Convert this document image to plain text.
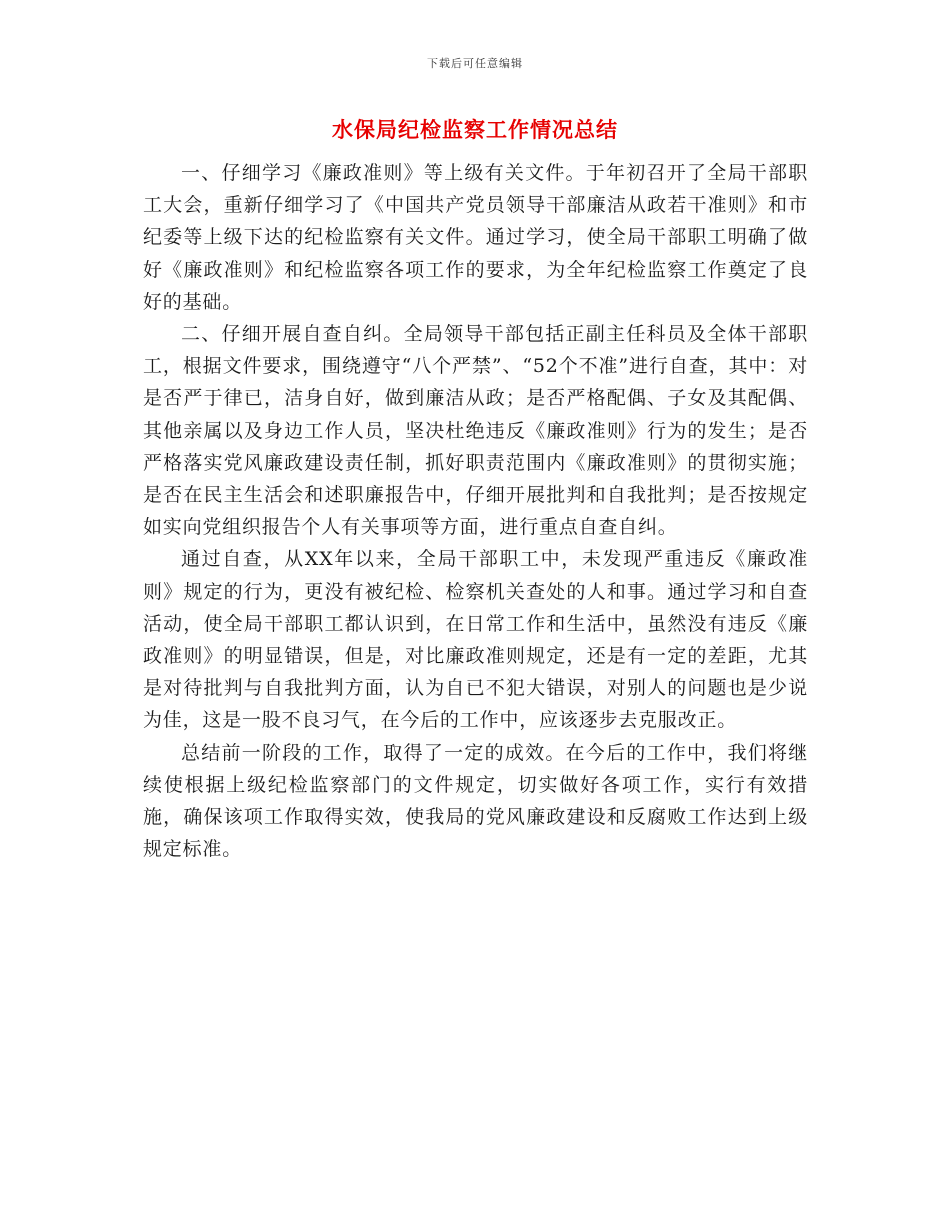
下载后可任意编辑
水保局纪检监察工作情况总结

一、仔细学习《廉政准则》等上级有关文件。于年初召开了全局干部职工大会，重新仔细学习了《中国共产党员领导干部廉洁从政若干准则》和市纪委等上级下达的纪检监察有关文件。通过学习，使全局干部职工明确了做好《廉政准则》和纪检监察各项工作的要求，为全年纪检监察工作奠定了良好的基础。

二、仔细开展自查自纠。全局领导干部包括正副主任科员及全体干部职工，根据文件要求，围绕遵守“八个严禁”、“52个不准”进行自查，其中：对是否严于律已，洁身自好，做到廉洁从政；是否严格配偶、子女及其配偶、其他亲属以及身边工作人员，坚决杜绝违反《廉政准则》行为的发生；是否严格落实党风廉政建设责任制，抓好职责范围内《廉政准则》的贯彻实施；是否在民主生活会和述职廉报告中，仔细开展批判和自我批判；是否按规定如实向党组织报告个人有关事项等方面，进行重点自查自纠。

通过自查，从XX年以来，全局干部职工中，未发现严重违反《廉政准则》规定的行为，更没有被纪检、检察机关查处的人和事。通过学习和自查活动，使全局干部职工都认识到，在日常工作和生活中，虽然没有违反《廉政准则》的明显错误，但是，对比廉政准则规定，还是有一定的差距，尤其是对待批判与自我批判方面，认为自已不犯大错误，对别人的问题也是少说为佳，这是一股不良习气，在今后的工作中，应该逐步去克服改正。

总结前一阶段的工作，取得了一定的成效。在今后的工作中，我们将继续使根据上级纪检监察部门的文件规定，切实做好各项工作，实行有效措施，确保该项工作取得实效，使我局的党风廉政建设和反腐败工作达到上级规定标准。
